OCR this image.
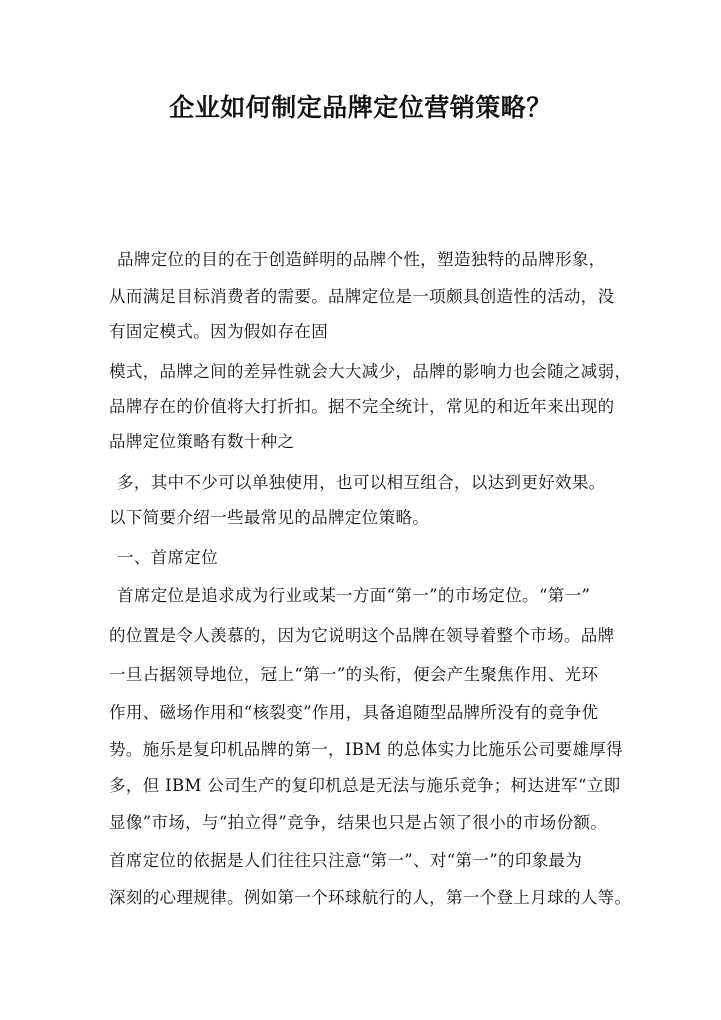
企业如何制定品牌定位营销策略？
品牌定位的目的在于创造鲜明的品牌个性，塑造独特的品牌形象，
从而满足目标消费者的需要。品牌定位是一项颇具创造性的活动，没
有固定模式。因为假如存在固
模式，品牌之间的差异性就会大大减少，品牌的影响力也会随之减弱，
品牌存在的价值将大打折扣。据不完全统计，常见的和近年来出现的
品牌定位策略有数十种之
多，其中不少可以单独使用，也可以相互组合，以达到更好效果。
以下简要介绍一些最常见的品牌定位策略。
一、首席定位
首席定位是追求成为行业或某一方面“第一”的市场定位。“第一”
的位置是令人羡慕的，因为它说明这个品牌在领导着整个市场。品牌
一旦占据领导地位，冠上“第一”的头衔，便会产生聚焦作用、光环
作用、磁场作用和“核裂变”作用，具备追随型品牌所没有的竞争优
势。施乐是复印机品牌的第一，IBM 的总体实力比施乐公司要雄厚得
多，但 IBM 公司生产的复印机总是无法与施乐竞争；柯达进军“立即
显像”市场，与“拍立得”竞争，结果也只是占领了很小的市场份额。
首席定位的依据是人们往往只注意“第一”、对“第一”的印象最为
深刻的心理规律。例如第一个环球航行的人，第一个登上月球的人等。
